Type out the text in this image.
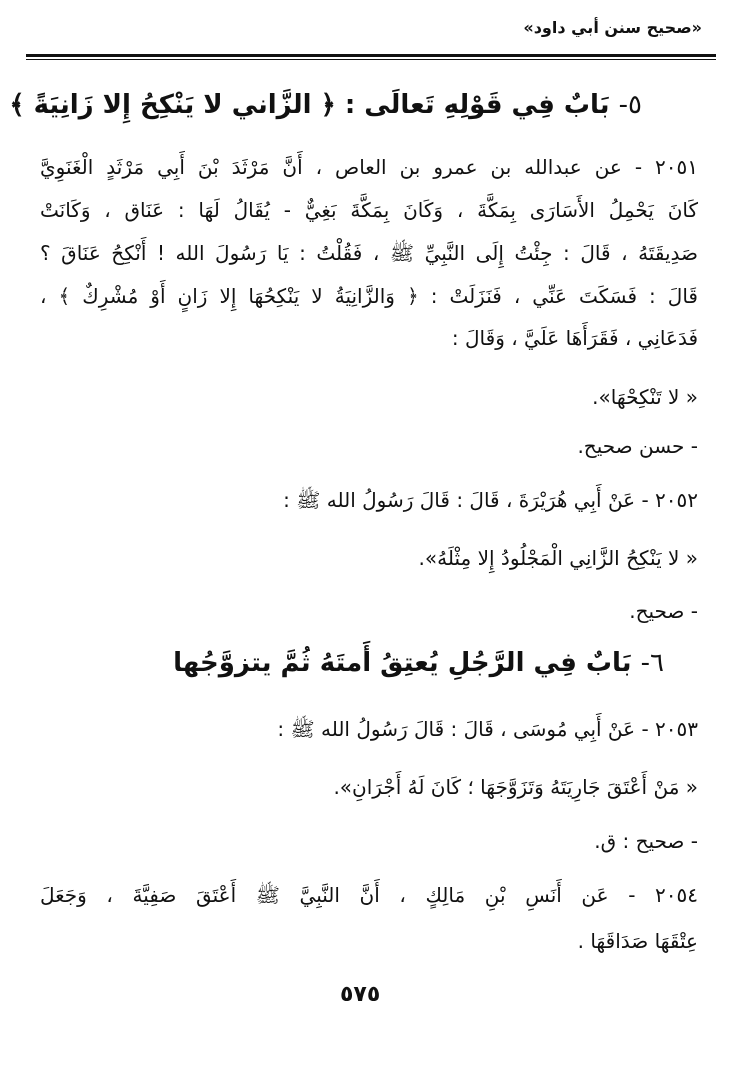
«صحيح سنن أبي داود»
٥- بَابٌ فِي قَوْلِهِ تَعالَى : ﴿ الزَّاني لا يَنْكِحُ إِلا زَانِيَةً ﴾
٢٠٥١ - عن عبدالله بن عمرو بن العاص ، أَنَّ مَرْثَدَ بْنَ أَبِي مَرْثَدٍ الْغَنَوِيَّ
كَانَ يَحْمِلُ الأَسَارَى بِمَكَّةَ ، وَكَانَ بِمَكَّةَ بَغِيٌّ - يُقَالُ لَهَا : عَنَاق ، وَكَانَتْ
صَدِيقَتَهُ ، قَالَ : جِئْتُ إِلَى النَّبِيِّ ﷺ ، فَقُلْتُ : يَا رَسُولَ الله ! أَنْكِحُ عَنَاقَ ؟
قَالَ : فَسَكَتَ عَنِّي ، فَنَزَلَتْ : ﴿ وَالزَّانِيَةُ لا يَنْكِحُهَا إِلا زَانٍ أَوْ مُشْرِكٌ ﴾ ،
فَدَعَانِي ، فَقَرَأَهَا عَلَيَّ ، وَقَالَ :
« لا تَنْكِحْهَا».
- حسن صحيح.
٢٠٥٢ - عَنْ أَبِي هُرَيْرَةَ ، قَالَ : قَالَ رَسُولُ الله ﷺ :
« لا يَنْكِحُ الزَّانِي الْمَجْلُودُ إِلا مِثْلَهُ».
- صحيح.
٦- بَابٌ فِي الرَّجُلِ يُعتِقُ أَمتَهُ ثُمَّ يتزوَّجُها
٢٠٥٣ - عَنْ أَبِي مُوسَى ، قَالَ : قَالَ رَسُولُ الله ﷺ :
« مَنْ أَعْتَقَ جَارِيَتَهُ وَتَزَوَّجَهَا ؛ كَانَ لَهُ أَجْرَانِ».
- صحيح : ق.
٢٠٥٤ - عَن أَنَسِ بْنِ مَالِكٍ ، أَنَّ النَّبِيَّ ﷺ أَعْتَقَ صَفِيَّةَ ، وَجَعَلَ
عِتْقَهَا صَدَاقَهَا .
٥٧٥
